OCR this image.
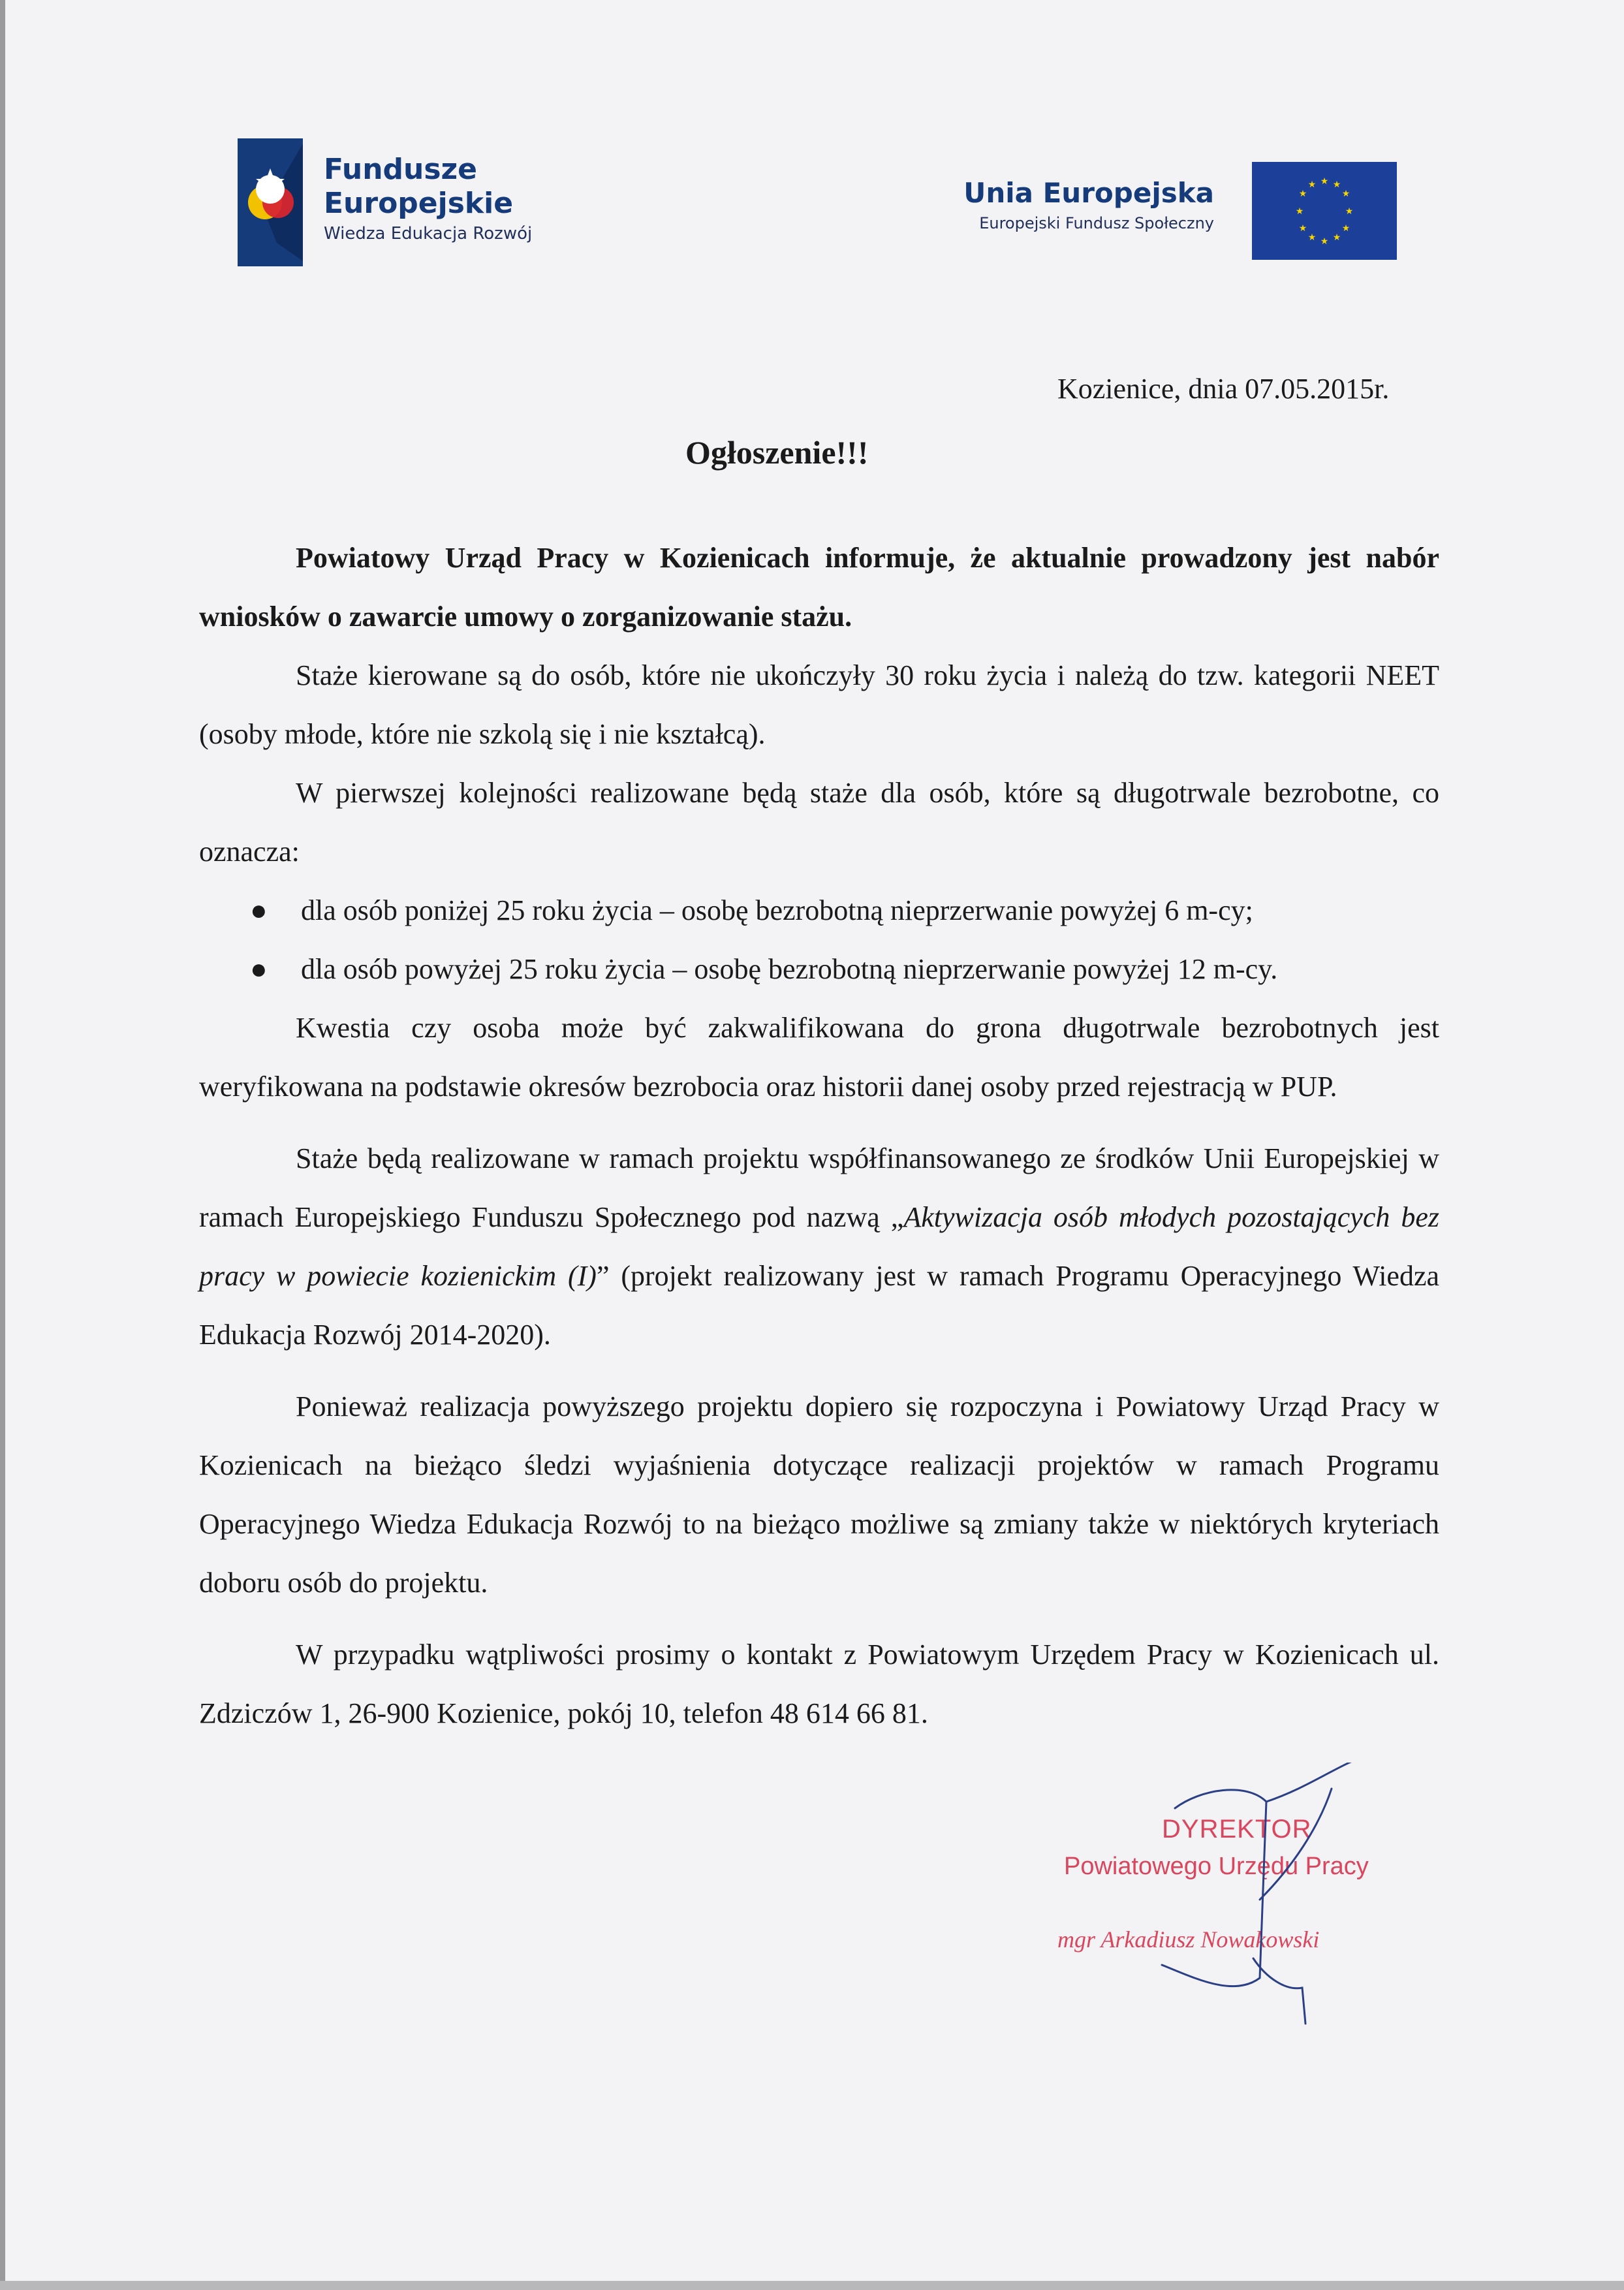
Fundusze
Europejskie
Wiedza Edukacja Rozwój
Unia Europejska
Europejski Fundusz Społeczny
★ ★
★
★
★
★
★
★
★
★
★
★
Kozienice, dnia 07.05.2015r.
Ogłoszenie!!!

Powiatowy Urząd Pracy w Kozienicach informuje, że aktualnie prowadzony jest nabór wniosków o zawarcie umowy o zorganizowanie stażu.

Staże kierowane są do osób, które nie ukończyły 30 roku życia i należą do tzw. kategorii NEET (osoby młode, które nie szkolą się i nie kształcą).

W pierwszej kolejności realizowane będą staże dla osób, które są długotrwale bezrobotne, co oznacza:

● dla osób poniżej 25 roku życia – osobę bezrobotną nieprzerwanie powyżej 6 m-cy;
● dla osób powyżej 25 roku życia – osobę bezrobotną nieprzerwanie powyżej 12 m-cy.

Kwestia czy osoba może być zakwalifikowana do grona długotrwale bezrobotnych jest weryfikowana na podstawie okresów bezrobocia oraz historii danej osoby przed rejestracją w PUP.

Staże będą realizowane w ramach projektu współfinansowanego ze środków Unii Europejskiej w ramach Europejskiego Funduszu Społecznego pod nazwą „Aktywizacja osób młodych pozostających bez pracy w powiecie kozienickim (I)” (projekt realizowany jest w ramach Programu Operacyjnego Wiedza Edukacja Rozwój 2014-2020).

Ponieważ realizacja powyższego projektu dopiero się rozpoczyna i Powiatowy Urząd Pracy w Kozienicach na bieżąco śledzi wyjaśnienia dotyczące realizacji projektów w ramach Programu Operacyjnego Wiedza Edukacja Rozwój to na bieżąco możliwe są zmiany także w niektórych kryteriach doboru osób do projektu.

W przypadku wątpliwości prosimy o kontakt z Powiatowym Urzędem Pracy w Kozienicach ul. Zdziczów 1, 26-900 Kozienice, pokój 10, telefon 48 614 66 81.

DYREKTOR
Powiatowego Urzędu Pracy
mgr Arkadiusz Nowakowski
